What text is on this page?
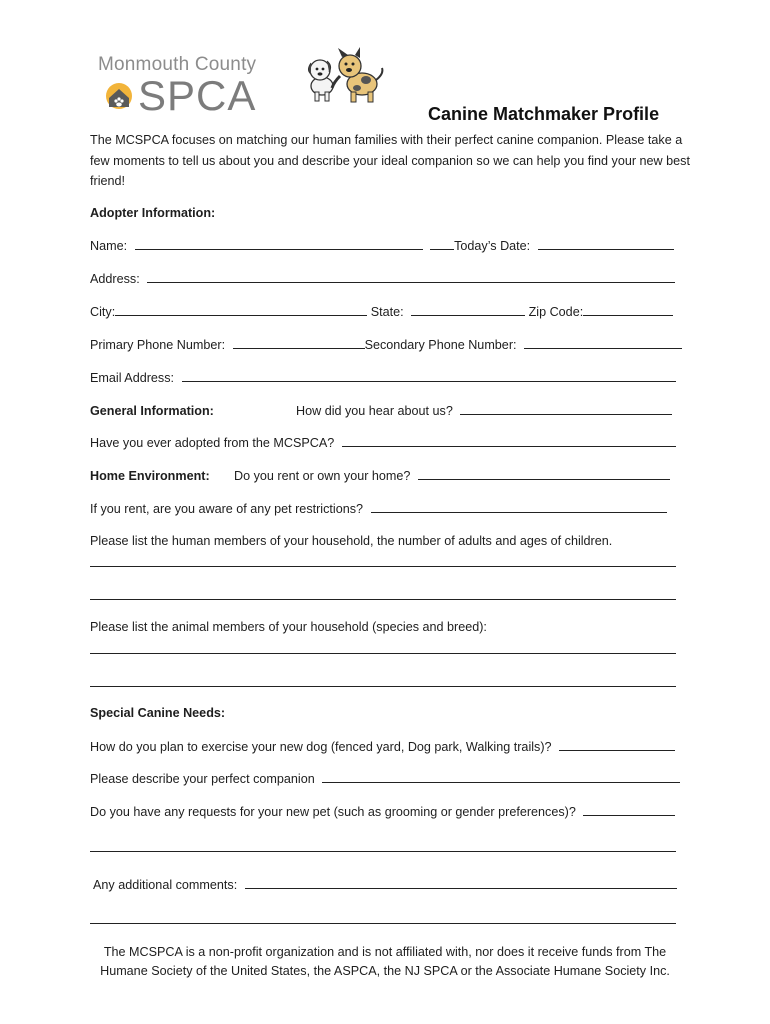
Monmouth County
SPCA	Canine Matchmaker Profile
The MCSPCA focuses on matching our human families with their perfect canine companion. Please take a few moments to tell us about you and describe your ideal companion so we can help you find your new best friend!
Adopter Information:
Name:	Today’s Date:
Address:
City:	State:	Zip Code:
Primary Phone Number:	Secondary Phone Number:
Email Address:
General Information:	How did you hear about us?
Have you ever adopted from the MCSPCA?
Home Environment: Do you rent or own your home?
If you rent, are you aware of any pet restrictions?
Please list the human members of your household, the number of adults and ages of children.
Please list the animal members of your household (species and breed):
Special Canine Needs:
How do you plan to exercise your new dog (fenced yard, Dog park, Walking trails)?
Please describe your perfect companion
Do you have any requests for your new pet (such as grooming or gender preferences)?
Any additional comments:
The MCSPCA is a non-profit organization and is not affiliated with, nor does it receive funds from The Humane Society of the United States, the ASPCA, the NJ SPCA or the Associate Humane Society Inc.
